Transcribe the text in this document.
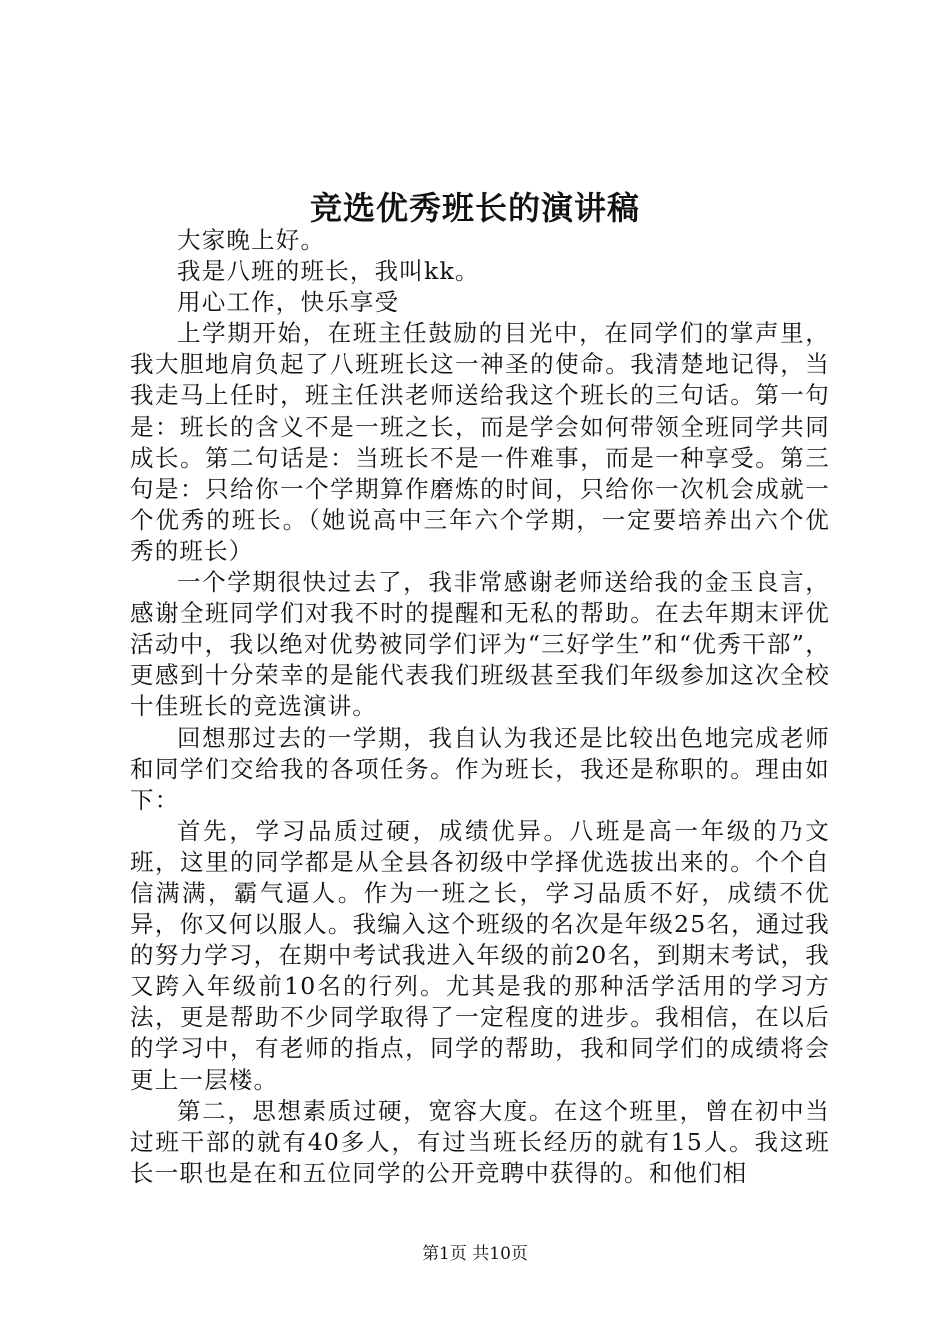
竞选优秀班长的演讲稿

大家晚上好。

我是八班的班长，我叫kk。

用心工作，快乐享受

上学期开始，在班主任鼓励的目光中，在同学们的掌声里，我大胆地肩负起了八班班长这一神圣的使命。我清楚地记得，当我走马上任时，班主任洪老师送给我这个班长的三句话。第一句是：班长的含义不是一班之长，而是学会如何带领全班同学共同成长。第二句话是：当班长不是一件难事，而是一种享受。第三句是：只给你一个学期算作磨炼的时间，只给你一次机会成就一个优秀的班长。（她说高中三年六个学期，一定要培养出六个优秀的班长）

一个学期很快过去了，我非常感谢老师送给我的金玉良言，感谢全班同学们对我不时的提醒和无私的帮助。在去年期末评优活动中，我以绝对优势被同学们评为“三好学生”和“优秀干部”，更感到十分荣幸的是能代表我们班级甚至我们年级参加这次全校十佳班长的竞选演讲。

回想那过去的一学期，我自认为我还是比较出色地完成老师和同学们交给我的各项任务。作为班长，我还是称职的。理由如下：

首先，学习品质过硬，成绩优异。八班是高一年级的乃文班，这里的同学都是从全县各初级中学择优选拔出来的。个个自信满满，霸气逼人。作为一班之长，学习品质不好，成绩不优异，你又何以服人。我编入这个班级的名次是年级25名，通过我的努力学习，在期中考试我进入年级的前20名，到期末考试，我又跨入年级前10名的行列。尤其是我的那种活学活用的学习方法，更是帮助不少同学取得了一定程度的进步。我相信，在以后的学习中，有老师的指点，同学的帮助，我和同学们的成绩将会更上一层楼。

第二，思想素质过硬，宽容大度。在这个班里，曾在初中当过班干部的就有40多人，有过当班长经历的就有15人。我这班长一职也是在和五位同学的公开竞聘中获得的。和他们相

第1页 共10页
